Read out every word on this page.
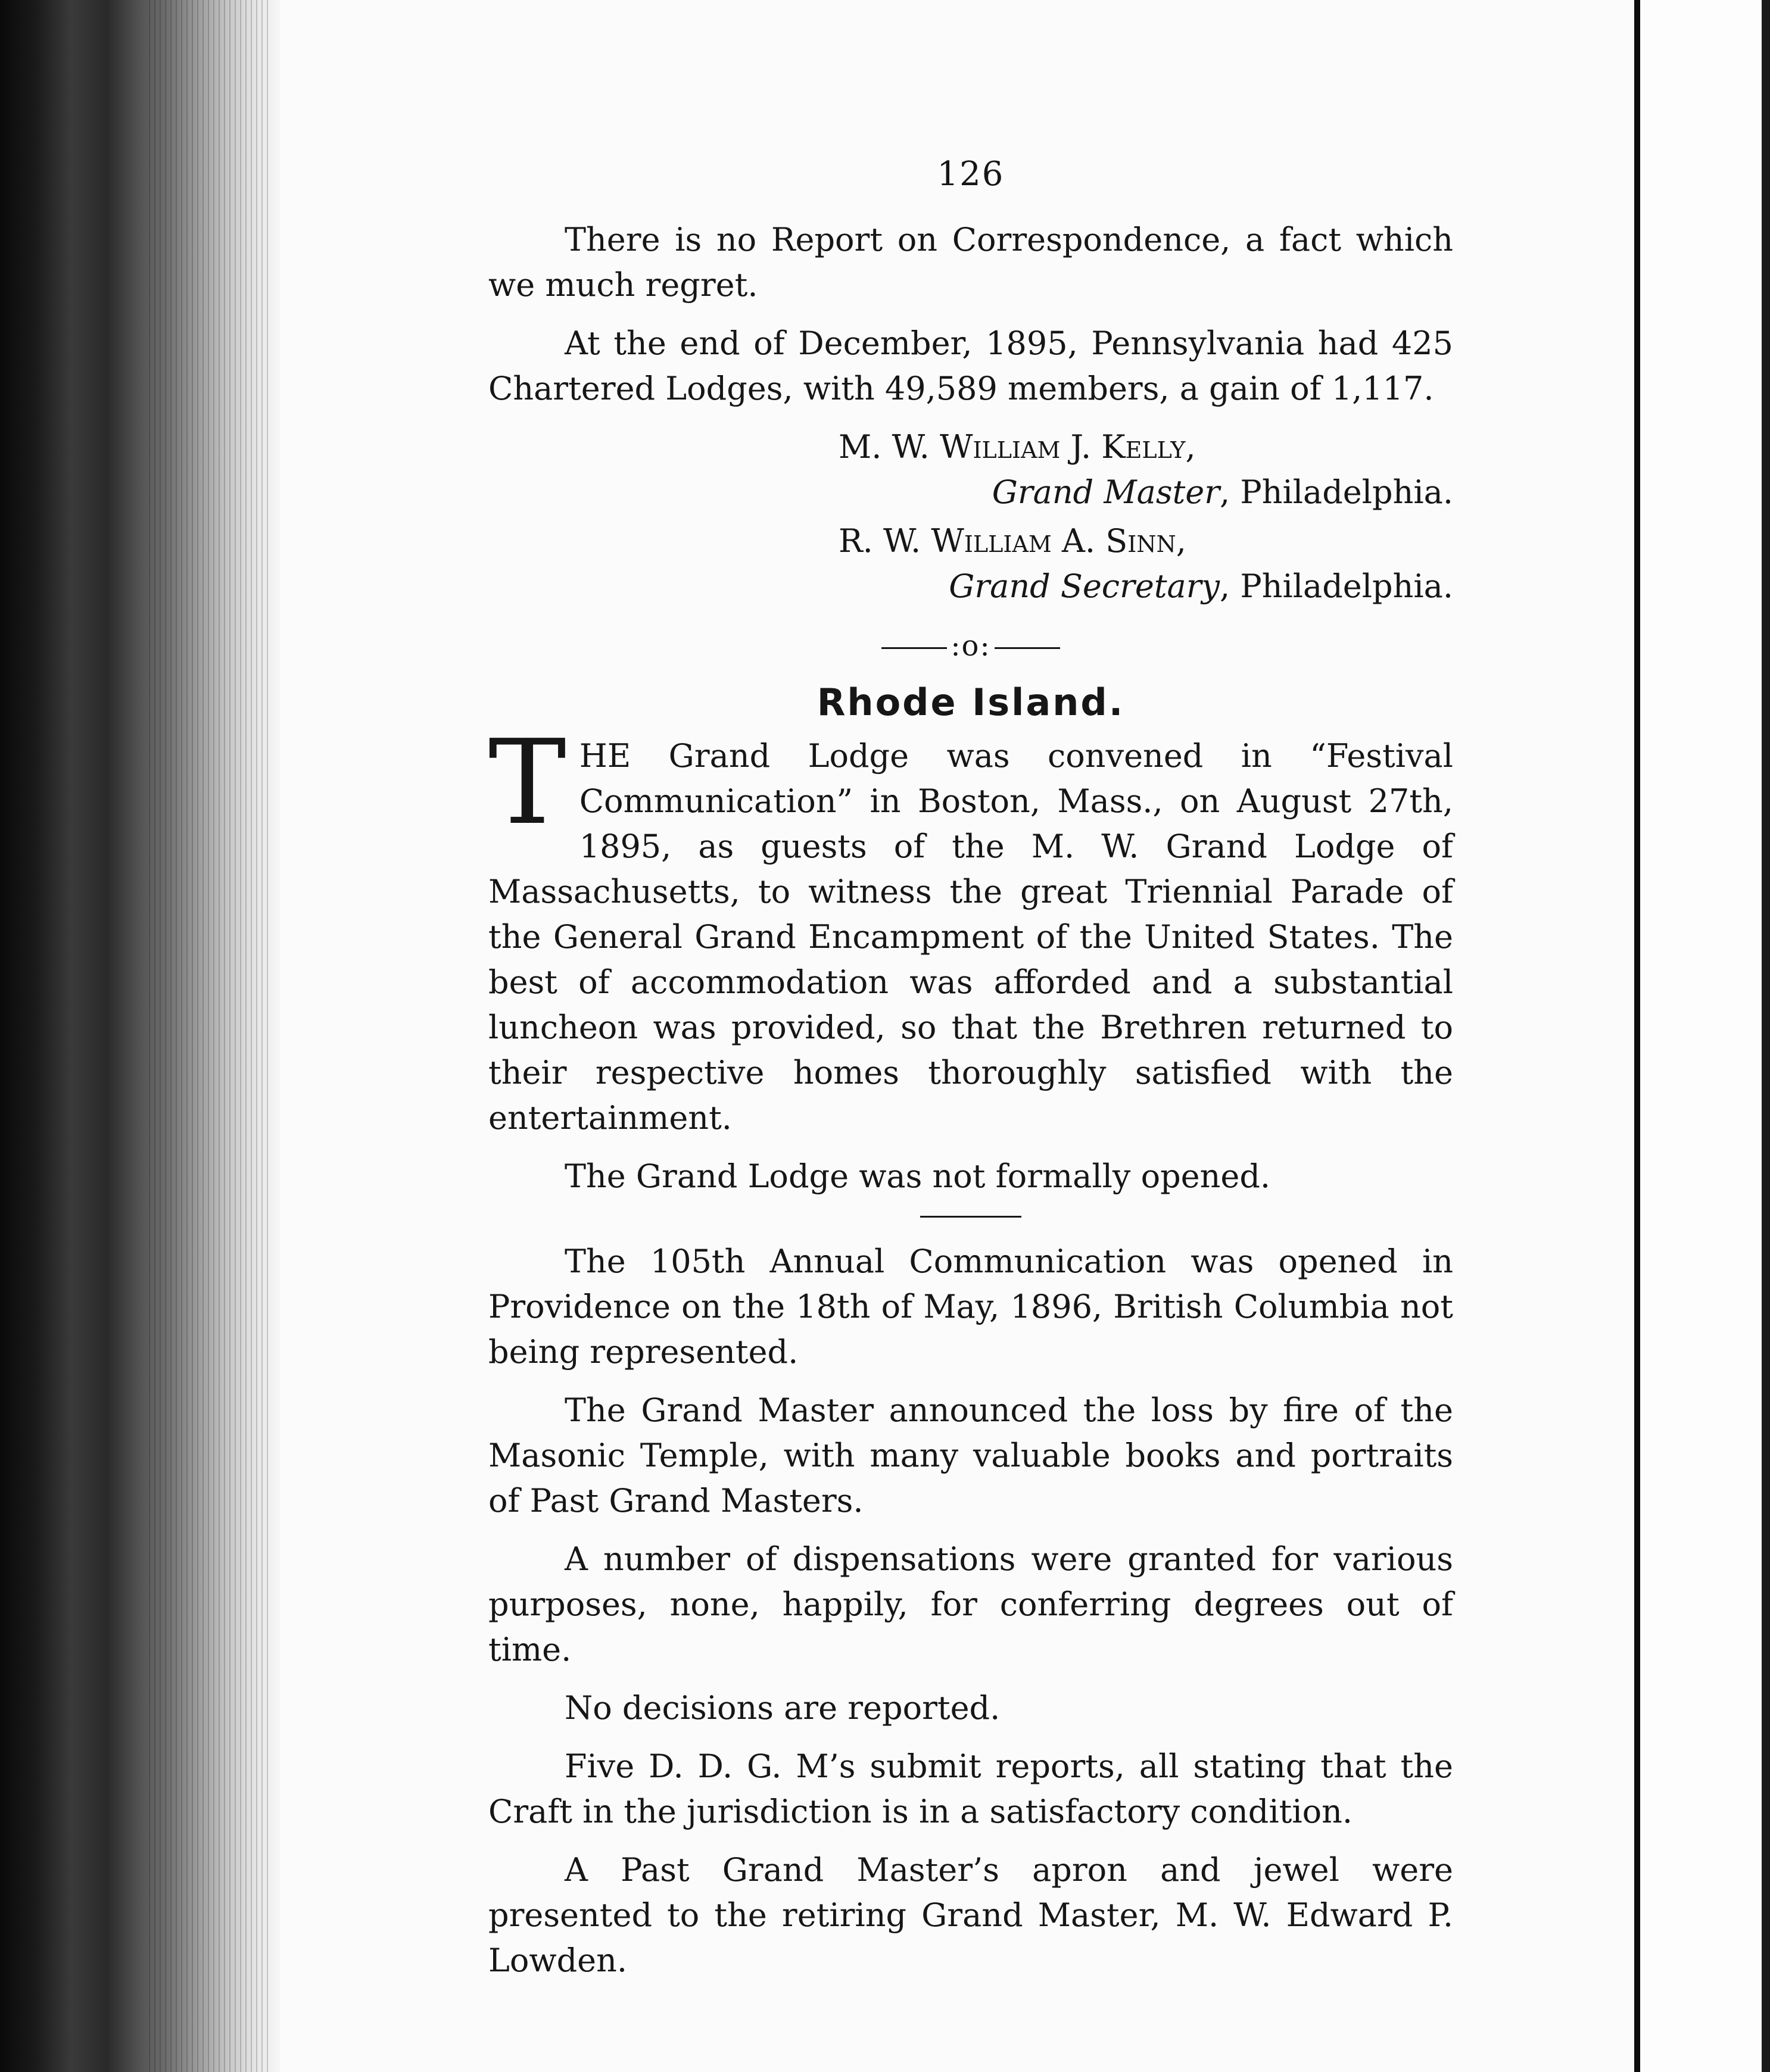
126

There is no Report on Correspondence, a fact which we much regret.

At the end of December, 1895, Pennsylvania had 425 Chartered Lodges, with 49,589 members, a gain of 1,117.

M. W. William J. Kelly,
Grand Master, Philadelphia.
R. W. William A. Sinn,
Grand Secretary, Philadelphia.
:o:
Rhode Island.
THE Grand Lodge was convened in “Festival Communication” in Boston, Mass., on August 27th, 1895, as guests of the M. W. Grand Lodge of Massachusetts, to witness the great Triennial Parade of the General Grand Encampment of the United States. The best of accommodation was afforded and a substantial luncheon was provided, so that the Brethren returned to their respective homes thoroughly satisfied with the entertainment.

The Grand Lodge was not formally opened.

The 105th Annual Communication was opened in Providence on the 18th of May, 1896, British Columbia not being represented.

The Grand Master announced the loss by fire of the Masonic Temple, with many valuable books and portraits of Past Grand Masters.

A number of dispensations were granted for various purposes, none, happily, for conferring degrees out of time.

No decisions are reported.

Five D. D. G. M’s submit reports, all stating that the Craft in the jurisdiction is in a satisfactory condition.

A Past Grand Master’s apron and jewel were presented to the retiring Grand Master, M. W. Edward P. Lowden.
